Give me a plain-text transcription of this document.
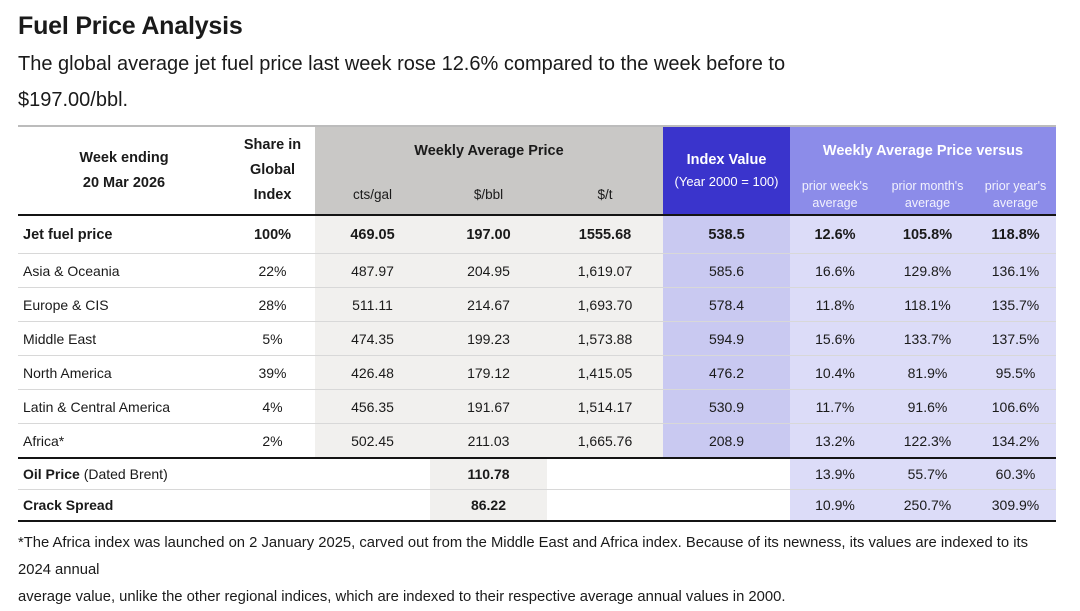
Fuel Price Analysis

The global average jet fuel price last week rose 12.6% compared to the week before to
$197.00/bbl.

Week ending
20 Mar 2026

Share in
Global Index
	Weekly Average Price	
Index Value
(Year 2000 = 100)
	Weekly Average Price versus
cts/gal	$/bbl	$/t	
prior week's
average

prior month's
average

prior year's
average

Jet fuel price	100%	469.05	197.00	1555.68	538.5	12.6%	105.8%	118.8%
Asia & Oceania	22%	487.97	204.95	1,619.07	585.6	16.6%	129.8%	136.1%
Europe & CIS	28%	511.11	214.67	1,693.70	578.4	11.8%	118.1%	135.7%
Middle East	5%	474.35	199.23	1,573.88	594.9	15.6%	133.7%	137.5%
North America	39%	426.48	179.12	1,415.05	476.2	10.4%	81.9%	95.5%
Latin & Central America	4%	456.35	191.67	1,514.17	530.9	11.7%	91.6%	106.6%
Africa*	2%	502.45	211.03	1,665.76	208.9	13.2%	122.3%	134.2%
Oil Price (Dated Brent)			110.78			13.9%	55.7%	60.3%
Crack Spread			86.22			10.9%	250.7%	309.9%

*The Africa index was launched on 2 January 2025, carved out from the Middle East and Africa index. Because of its newness, its values are indexed to its 2024 annual
average value, unlike the other regional indices, which are indexed to their respective average annual values in 2000.
